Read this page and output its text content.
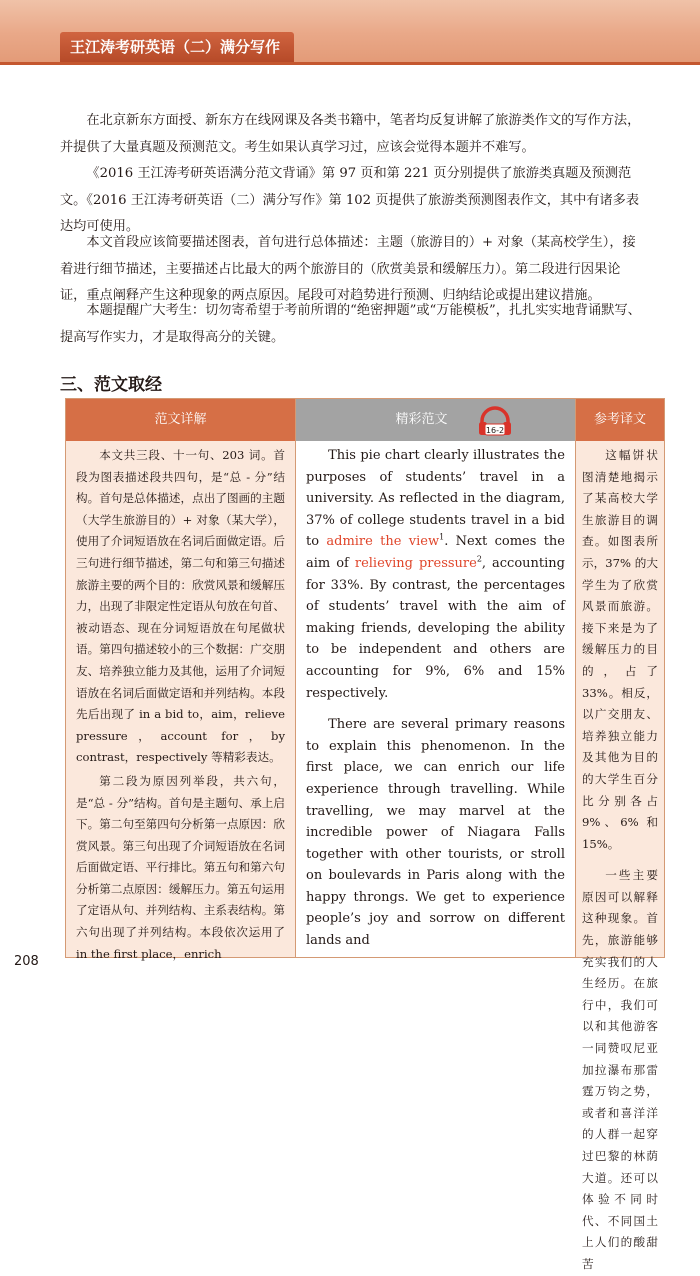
王江涛考研英语（二）满分写作

在北京新东方面授、新东方在线网课及各类书籍中，笔者均反复讲解了旅游类作文的写作方法，并提供了大量真题及预测范文。考生如果认真学习过，应该会觉得本题并不难写。

《2016 王江涛考研英语满分范文背诵》第 97 页和第 221 页分别提供了旅游类真题及预测范文。《2016 王江涛考研英语（二）满分写作》第 102 页提供了旅游类预测图表作文，其中有诸多表达均可使用。

本文首段应该简要描述图表，首句进行总体描述：主题（旅游目的）+ 对象（某高校学生），接着进行细节描述，主要描述占比最大的两个旅游目的（欣赏美景和缓解压力）。第二段进行因果论证，重点阐释产生这种现象的两点原因。尾段可对趋势进行预测、归纳结论或提出建议措施。

本题提醒广大考生：切勿寄希望于考前所谓的“绝密押题”或“万能模板”，扎扎实实地背诵默写、提高写作实力，才是取得高分的关键。

三、范文取经
范文详解

本文共三段、十一句、203 词。首段为图表描述段共四句，是“总 - 分”结构。首句是总体描述，点出了图画的主题（大学生旅游目的）+ 对象（某大学），使用了介词短语放在名词后面做定语。后三句进行细节描述，第二句和第三句描述旅游主要的两个目的：欣赏风景和缓解压力，出现了非限定性定语从句放在句首、被动语态、现在分词短语放在句尾做状语。第四句描述较小的三个数据：广交朋友、培养独立能力及其他，运用了介词短语放在名词后面做定语和并列结构。本段先后出现了 in a bid to，aim，relieve pressure，account for，by contrast，respectively 等精彩表达。

第二段为原因列举段，共六句，是“总 - 分”结构。首句是主题句、承上启下。第二句至第四句分析第一点原因：欣赏风景。第三句出现了介词短语放在名词后面做定语、平行排比。第五句和第六句分析第二点原因：缓解压力。第五句运用了定语从句、并列结构、主系表结构。第六句出现了并列结构。本段依次运用了 in the first place，enrich

精彩范文
16-2

This pie chart clearly illustrates the purposes of students’ travel in a university. As reflected in the diagram, 37% of college students travel in a bid to admire the view$^1$. Next comes the aim of relieving pressure$^2$, accounting for 33%. By contrast, the percentages of students’ travel with the aim of making friends, developing the ability to be independent and others are accounting for 9%, 6% and 15% respectively.

There are several primary reasons to explain this phenomenon. In the first place, we can enrich our life experience through travelling. While travelling, we may marvel at the incredible power of Niagara Falls together with other tourists, or stroll on boulevards in Paris along with the happy throngs. We get to experience people’s joy and sorrow on different lands and

参考译文

这幅饼状图清楚地揭示了某高校大学生旅游目的调查。如图表所示，37% 的大学生为了欣赏风景而旅游。接下来是为了缓解压力的目的，占了 33%。相反，以广交朋友、培养独立能力及其他为目的的大学生百分比分别各占 9%、6% 和 15%。

一些主要原因可以解释这种现象。首先，旅游能够充实我们的人生经历。在旅行中，我们可以和其他游客一同赞叹尼亚加拉瀑布那雷霆万钧之势，或者和喜洋洋的人群一起穿过巴黎的林荫大道。还可以体验不同时代、不同国土上人们的酸甜苦

208
